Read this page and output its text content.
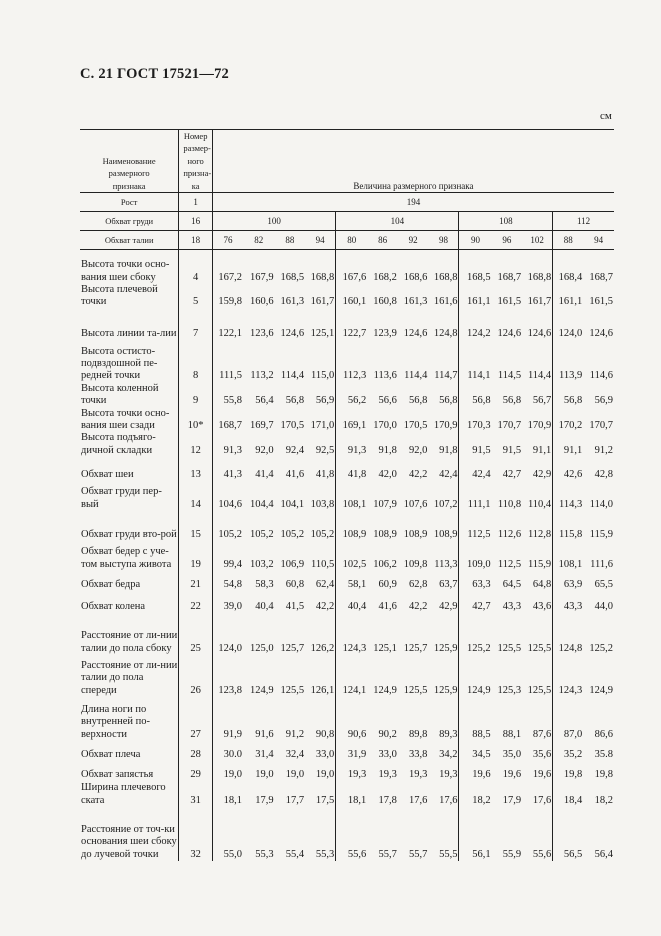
С. 21 ГОСТ 17521—72
см
Наименование размерного признака	Номер размер-ного призна-ка	Величина размерного признака												
Рост	1	194												
Обхват груди	16	100				104				108			112	
Обхват талии	18	76	82	88	94	80	86	92	98	90	96	102	88	94
Высота точки осно-вания шеи сбоку	4	167,2	167,9	168,5	168,8	167,6	168,2	168,6	168,8	168,5	168,7	168,8	168,4	168,7
Высота плечевой точки	5	159,8	160,6	161,3	161,7	160,1	160,8	161,3	161,6	161,1	161,5	161,7	161,1	161,5
Высота линии та-лии	7	122,1	123,6	124,6	125,1	122,7	123,9	124,6	124,8	124,2	124,6	124,6	124,0	124,6
Высота остисто-подвздошной пе-редней точки	8	111,5	113,2	114,4	115,0	112,3	113,6	114,4	114,7	114,1	114,5	114,4	113,9	114,6
Высота коленной точки	9	55,8	56,4	56,8	56,9	56,2	56,6	56,8	56,8	56,8	56,8	56,7	56,8	56,9
Высота точки осно-вания шеи сзади	10*	168,7	169,7	170,5	171,0	169,1	170,0	170,5	170,9	170,3	170,7	170,9	170,2	170,7
Высота подъяго-дичной складки	12	91,3	92,0	92,4	92,5	91,3	91,8	92,0	91,8	91,5	91,5	91,1	91,1	91,2
Обхват шеи	13	41,3	41,4	41,6	41,8	41,8	42,0	42,2	42,4	42,4	42,7	42,9	42,6	42,8
Обхват груди пер-вый	14	104,6	104,4	104,1	103,8	108,1	107,9	107,6	107,2	111,1	110,8	110,4	114,3	114,0
Обхват груди вто-рой	15	105,2	105,2	105,2	105,2	108,9	108,9	108,9	108,9	112,5	112,6	112,8	115,8	115,9
Обхват бедер с уче-том выступа живота	19	99,4	103,2	106,9	110,5	102,5	106,2	109,8	113,3	109,0	112,5	115,9	108,1	111,6
Обхват бедра	21	54,8	58,3	60,8	62,4	58,1	60,9	62,8	63,7	63,3	64,5	64,8	63,9	65,5
Обхват колена	22	39,0	40,4	41,5	42,2	40,4	41,6	42,2	42,9	42,7	43,3	43,6	43,3	44,0
Расстояние от ли-нии талии до пола сбоку	25	124,0	125,0	125,7	126,2	124,3	125,1	125,7	125,9	125,2	125,5	125,5	124,8	125,2
Расстояние от ли-нии талии до пола спереди	26	123,8	124,9	125,5	126,1	124,1	124,9	125,5	125,9	124,9	125,3	125,5	124,3	124,9
Длина ноги по внутренней по-верхности	27	91,9	91,6	91,2	90,8	90,6	90,2	89,8	89,3	88,5	88,1	87,6	87,0	86,6
Обхват плеча	28	30.0	31,4	32,4	33,0	31,9	33,0	33,8	34,2	34,5	35,0	35,6	35,2	35.8
Обхват запястья	29	19,0	19,0	19,0	19,0	19,3	19,3	19,3	19,3	19,6	19,6	19,6	19,8	19,8
Ширина плечевого ската	31	18,1	17,9	17,7	17,5	18,1	17,8	17,6	17,6	18,2	17,9	17,6	18,4	18,2
Расстояние от точ-ки основания шеи сбоку до лучевой точки	32	55,0	55,3	55,4	55,3	55,6	55,7	55,7	55,5	56,1	55,9	55,6	56,5	56,4
